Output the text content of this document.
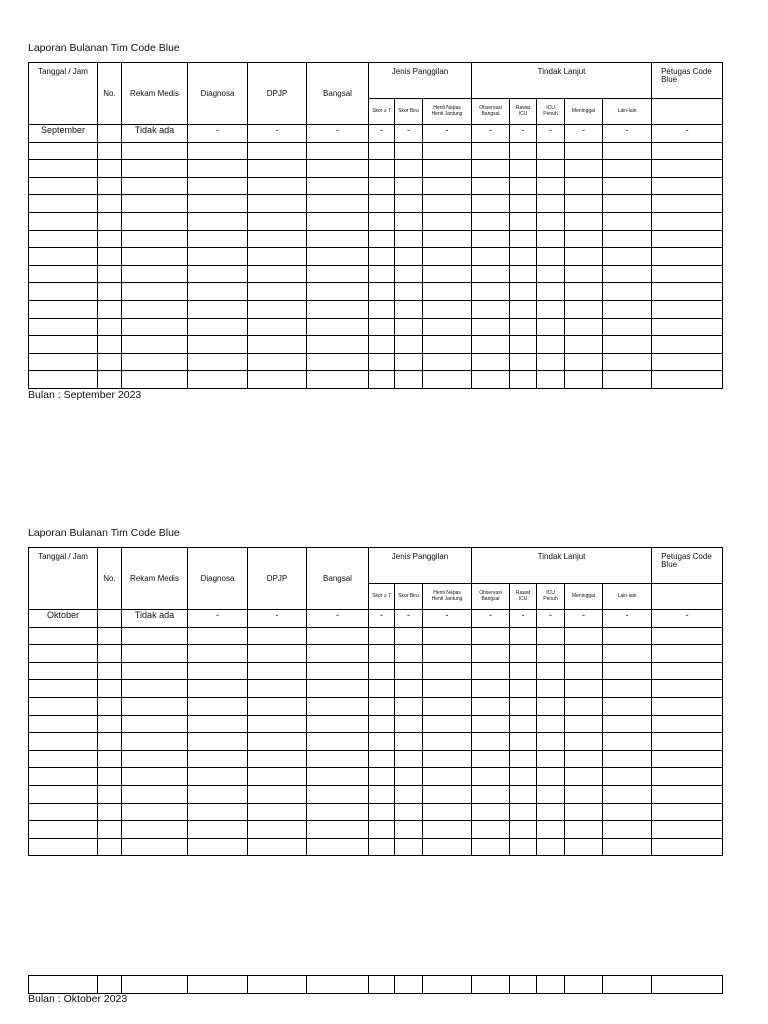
Laporan Bulanan Tim Code Blue
Tanggal / Jam	No.	Rekam Medis	Diagnosa	DPJP	Bangsal	Jenis Panggilan			Tindak Lanjut					Petugas Code Blue
						Skor ≥ 7	Skor Biru	Henti Napas Henti Jantung	Observasi Bangsal	Rawat ICU	ICU Penuh	Meninggal	Lain-lain	
September		Tidak ada	-	-	-	-	-	-	-	-	-	-	-	-

Bulan : September 2023
Laporan Bulanan Tim Code Blue
Tanggal / Jam	No.	Rekam Medis	Diagnosa	DPJP	Bangsal	Jenis Panggilan			Tindak Lanjut					Petugas Code Blue
						Skor ≥ 7	Skor Biru	Henti Napas Henti Jantung	Observasi Bangsal	Rawat ICU	ICU Penuh	Meninggal	Lain-lain	
Oktober		Tidak ada	-	-	-	-	-	-	-	-	-	-	-	-

Bulan : Oktober 2023
